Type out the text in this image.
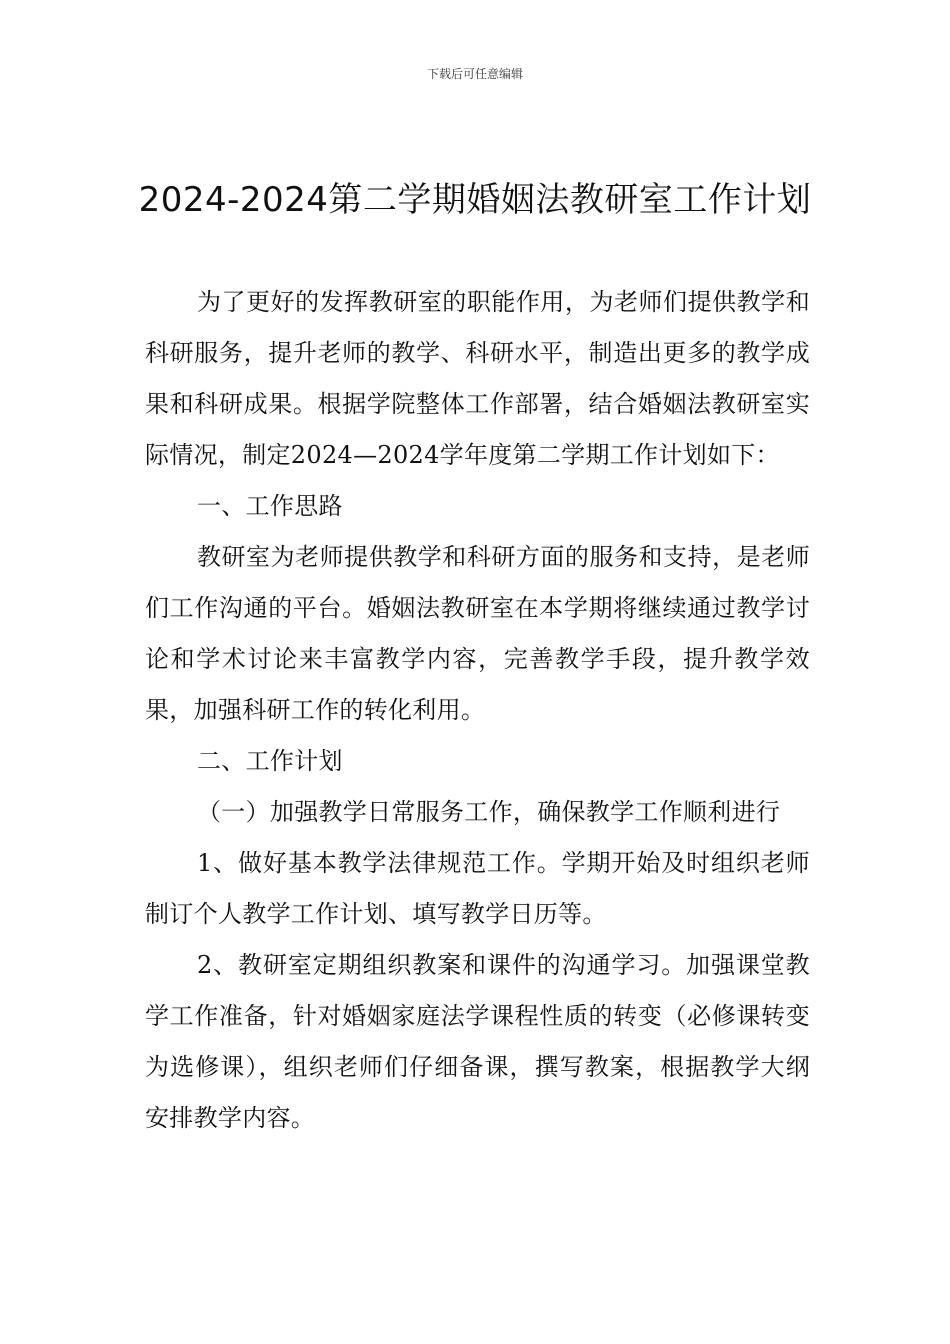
下载后可任意编辑
2024-2024第二学期婚姻法教研室工作计划

为了更好的发挥教研室的职能作用，为老师们提供教学和科研服务，提升老师的教学、科研水平，制造出更多的教学成果和科研成果。根据学院整体工作部署，结合婚姻法教研室实际情况，制定2024—2024学年度第二学期工作计划如下：

一、工作思路

教研室为老师提供教学和科研方面的服务和支持，是老师们工作沟通的平台。婚姻法教研室在本学期将继续通过教学讨论和学术讨论来丰富教学内容，完善教学手段，提升教学效果，加强科研工作的转化利用。

二、工作计划

（一）加强教学日常服务工作，确保教学工作顺利进行

1、做好基本教学法律规范工作。学期开始及时组织老师制订个人教学工作计划、填写教学日历等。

2、教研室定期组织教案和课件的沟通学习。加强课堂教学工作准备，针对婚姻家庭法学课程性质的转变（必修课转变为选修课），组织老师们仔细备课，撰写教案，根据教学大纲安排教学内容。
